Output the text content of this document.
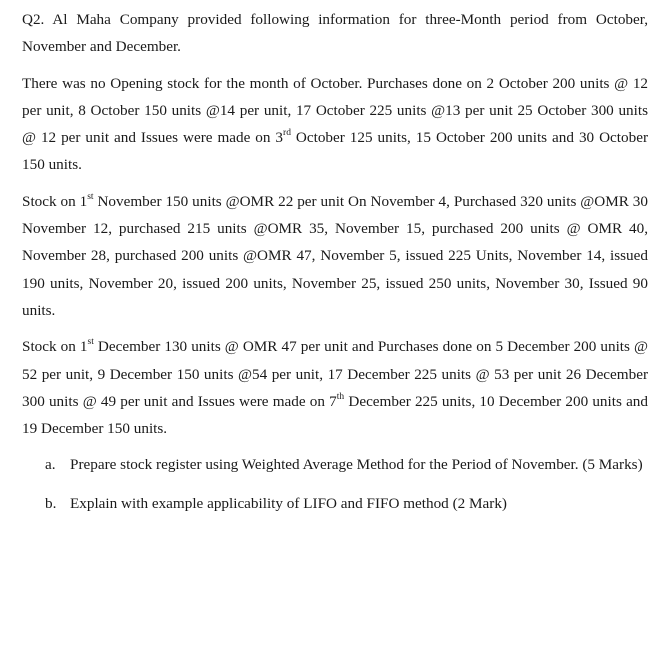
Q2. Al Maha Company provided following information for three-Month period from October, November and December.

There was no Opening stock for the month of October. Purchases done on 2 October 200 units @ 12 per unit, 8 October 150 units @14 per unit, 17 October 225 units @13 per unit 25 October 300 units @ 12 per unit and Issues were made on 3rd October 125 units, 15 October 200 units and 30 October 150 units.

Stock on 1st November 150 units @OMR 22 per unit On November 4, Purchased 320 units @OMR 30 November 12, purchased 215 units @OMR 35, November 15, purchased 200 units @ OMR 40, November 28, purchased 200 units @OMR 47, November 5, issued 225 Units, November 14, issued 190 units, November 20, issued 200 units, November 25, issued 250 units, November 30, Issued 90 units.

Stock on 1st December 130 units @ OMR 47 per unit and Purchases done on 5 December 200 units @ 52 per unit, 9 December 150 units @54 per unit, 17 December 225 units @ 53 per unit 26 December 300 units @ 49 per unit and Issues were made on 7th December 225 units, 10 December 200 units and 19 December 150 units.

a. Prepare stock register using Weighted Average Method for the Period of November. (5 Marks)
b. Explain with example applicability of LIFO and FIFO method (2 Mark)
